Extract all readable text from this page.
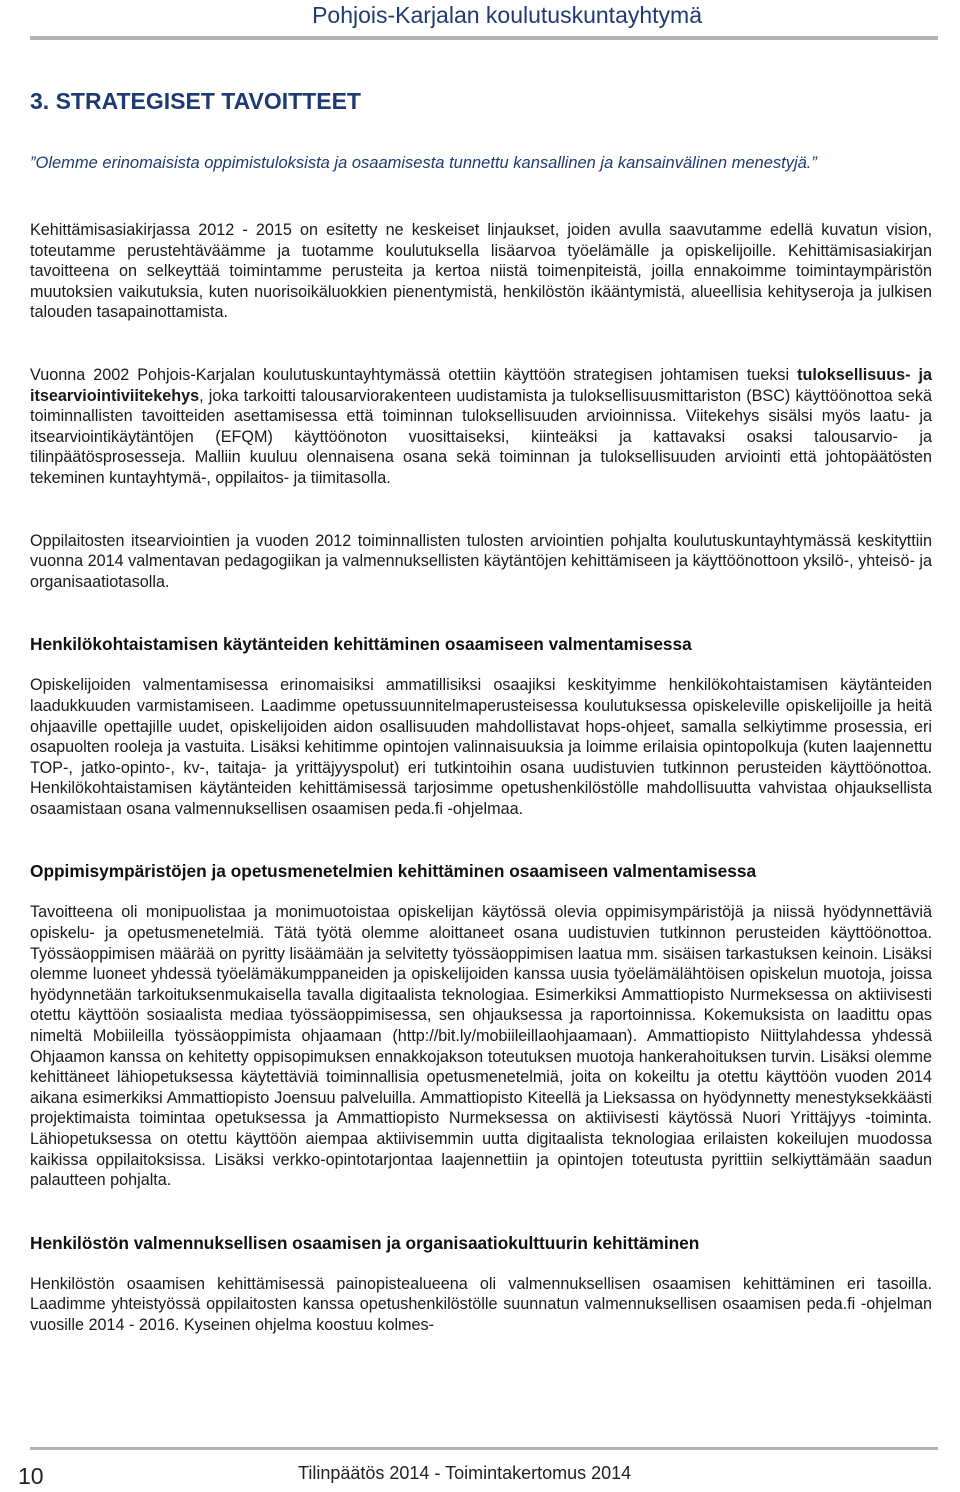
Pohjois-Karjalan koulutuskuntayhtymä
3. STRATEGISET TAVOITTEET

”Olemme erinomaisista oppimistuloksista ja osaamisesta tunnettu kansallinen ja kansainvälinen menestyjä.”

Kehittämisasiakirjassa 2012 - 2015 on esitetty ne keskeiset linjaukset, joiden avulla saavutamme edellä kuvatun vision, toteutamme perustehtäväämme ja tuotamme koulutuksella lisäarvoa työelämälle ja opiskelijoille. Kehittämisasiakirjan tavoitteena on selkeyttää toimintamme perusteita ja kertoa niistä toimenpiteistä, joilla ennakoimme toimintaympäristön muutoksien vaikutuksia, kuten nuorisoikäluokkien pienentymistä, henkilöstön ikääntymistä, alueellisia kehityseroja ja julkisen talouden tasapainottamista.

Vuonna 2002 Pohjois-Karjalan koulutuskuntayhtymässä otettiin käyttöön strategisen johtamisen tueksi tuloksellisuus- ja itsearviointiviitekehys, joka tarkoitti talousarviorakenteen uudistamista ja tuloksellisuusmittariston (BSC) käyttöönottoa sekä toiminnallisten tavoitteiden asettamisessa että toiminnan tuloksellisuuden arvioinnissa. Viitekehys sisälsi myös laatu- ja itsearviointikäytäntöjen (EFQM) käyttöönoton vuosittaiseksi, kiinteäksi ja kattavaksi osaksi talousarvio- ja tilinpäätösprosesseja. Malliin kuuluu olennaisena osana sekä toiminnan ja tuloksellisuuden arviointi että johtopäätösten tekeminen kuntayhtymä-, oppilaitos- ja tiimitasolla.

Oppilaitosten itsearviointien ja vuoden 2012 toiminnallisten tulosten arviointien pohjalta koulutuskuntayhtymässä keskityttiin vuonna 2014 valmentavan pedagogiikan ja valmennuksellisten käytäntöjen kehittämiseen ja käyttöönottoon yksilö-, yhteisö- ja organisaatiotasolla.

Henkilökohtaistamisen käytänteiden kehittäminen osaamiseen valmentamisessa

Opiskelijoiden valmentamisessa erinomaisiksi ammatillisiksi osaajiksi keskityimme henkilökohtaistamisen käytänteiden laadukkuuden varmistamiseen. Laadimme opetussuunnitelmaperusteisessa koulutuksessa opiskeleville opiskelijoille ja heitä ohjaaville opettajille uudet, opiskelijoiden aidon osallisuuden mahdollistavat hops-ohjeet, samalla selkiytimme prosessia, eri osapuolten rooleja ja vastuita. Lisäksi kehitimme opintojen valinnaisuuksia ja loimme erilaisia opintopolkuja (kuten laajennettu TOP-, jatko-opinto-, kv-, taitaja- ja yrittäjyyspolut) eri tutkintoihin osana uudistuvien tutkinnon perusteiden käyttöönottoa. Henkilökohtaistamisen käytänteiden kehittämisessä tarjosimme opetushenkilöstölle mahdollisuutta vahvistaa ohjauksellista osaamistaan osana valmennuksellisen osaamisen peda.fi -ohjelmaa.

Oppimisympäristöjen ja opetusmenetelmien kehittäminen osaamiseen valmentamisessa

Tavoitteena oli monipuolistaa ja monimuotoistaa opiskelijan käytössä olevia oppimisympäristöjä ja niissä hyödynnettäviä opiskelu- ja opetusmenetelmiä. Tätä työtä olemme aloittaneet osana uudistuvien tutkinnon perusteiden käyttöönottoa. Työssäoppimisen määrää on pyritty lisäämään ja selvitetty työssäoppimisen laatua mm. sisäisen tarkastuksen keinoin. Lisäksi olemme luoneet yhdessä työelämäkumppaneiden ja opiskelijoiden kanssa uusia työelämälähtöisen opiskelun muotoja, joissa hyödynnetään tarkoituksenmukaisella tavalla digitaalista teknologiaa. Esimerkiksi Ammattiopisto Nurmeksessa on aktiivisesti otettu käyttöön sosiaalista mediaa työssäoppimisessa, sen ohjauksessa ja raportoinnissa. Kokemuksista on laadittu opas nimeltä Mobiileilla työssäoppimista ohjaamaan (http://bit.ly/mobiileillaohjaamaan). Ammattiopisto Niittylahdessa yhdessä Ohjaamon kanssa on kehitetty oppisopimuksen ennakkojakson toteutuksen muotoja hankerahoituksen turvin. Lisäksi olemme kehittäneet lähiopetuksessa käytettäviä toiminnallisia opetusmenetelmiä, joita on kokeiltu ja otettu käyttöön vuoden 2014 aikana esimerkiksi Ammattiopisto Joensuu palveluilla. Ammattiopisto Kiteellä ja Lieksassa on hyödynnetty menestyksekkäästi projektimaista toimintaa opetuksessa ja Ammattiopisto Nurmeksessa on aktiivisesti käytössä Nuori Yrittäjyys -toiminta. Lähiopetuksessa on otettu käyttöön aiempaa aktiivisemmin uutta digitaalista teknologiaa erilaisten kokeilujen muodossa kaikissa oppilaitoksissa. Lisäksi verkko-opintotarjontaa laajennettiin ja opintojen toteutusta pyrittiin selkiyttämään saadun palautteen pohjalta.

Henkilöstön valmennuksellisen osaamisen ja organisaatiokulttuurin kehittäminen

Henkilöstön osaamisen kehittämisessä painopistealueena oli valmennuksellisen osaamisen kehittäminen eri tasoilla. Laadimme yhteistyössä oppilaitosten kanssa opetushenkilöstölle suunnatun valmennuksellisen osaamisen peda.fi -ohjelman vuosille 2014 - 2016. Kyseinen ohjelma koostuu kolmes-

10	Tilinpäätös 2014 - Toimintakertomus 2014
